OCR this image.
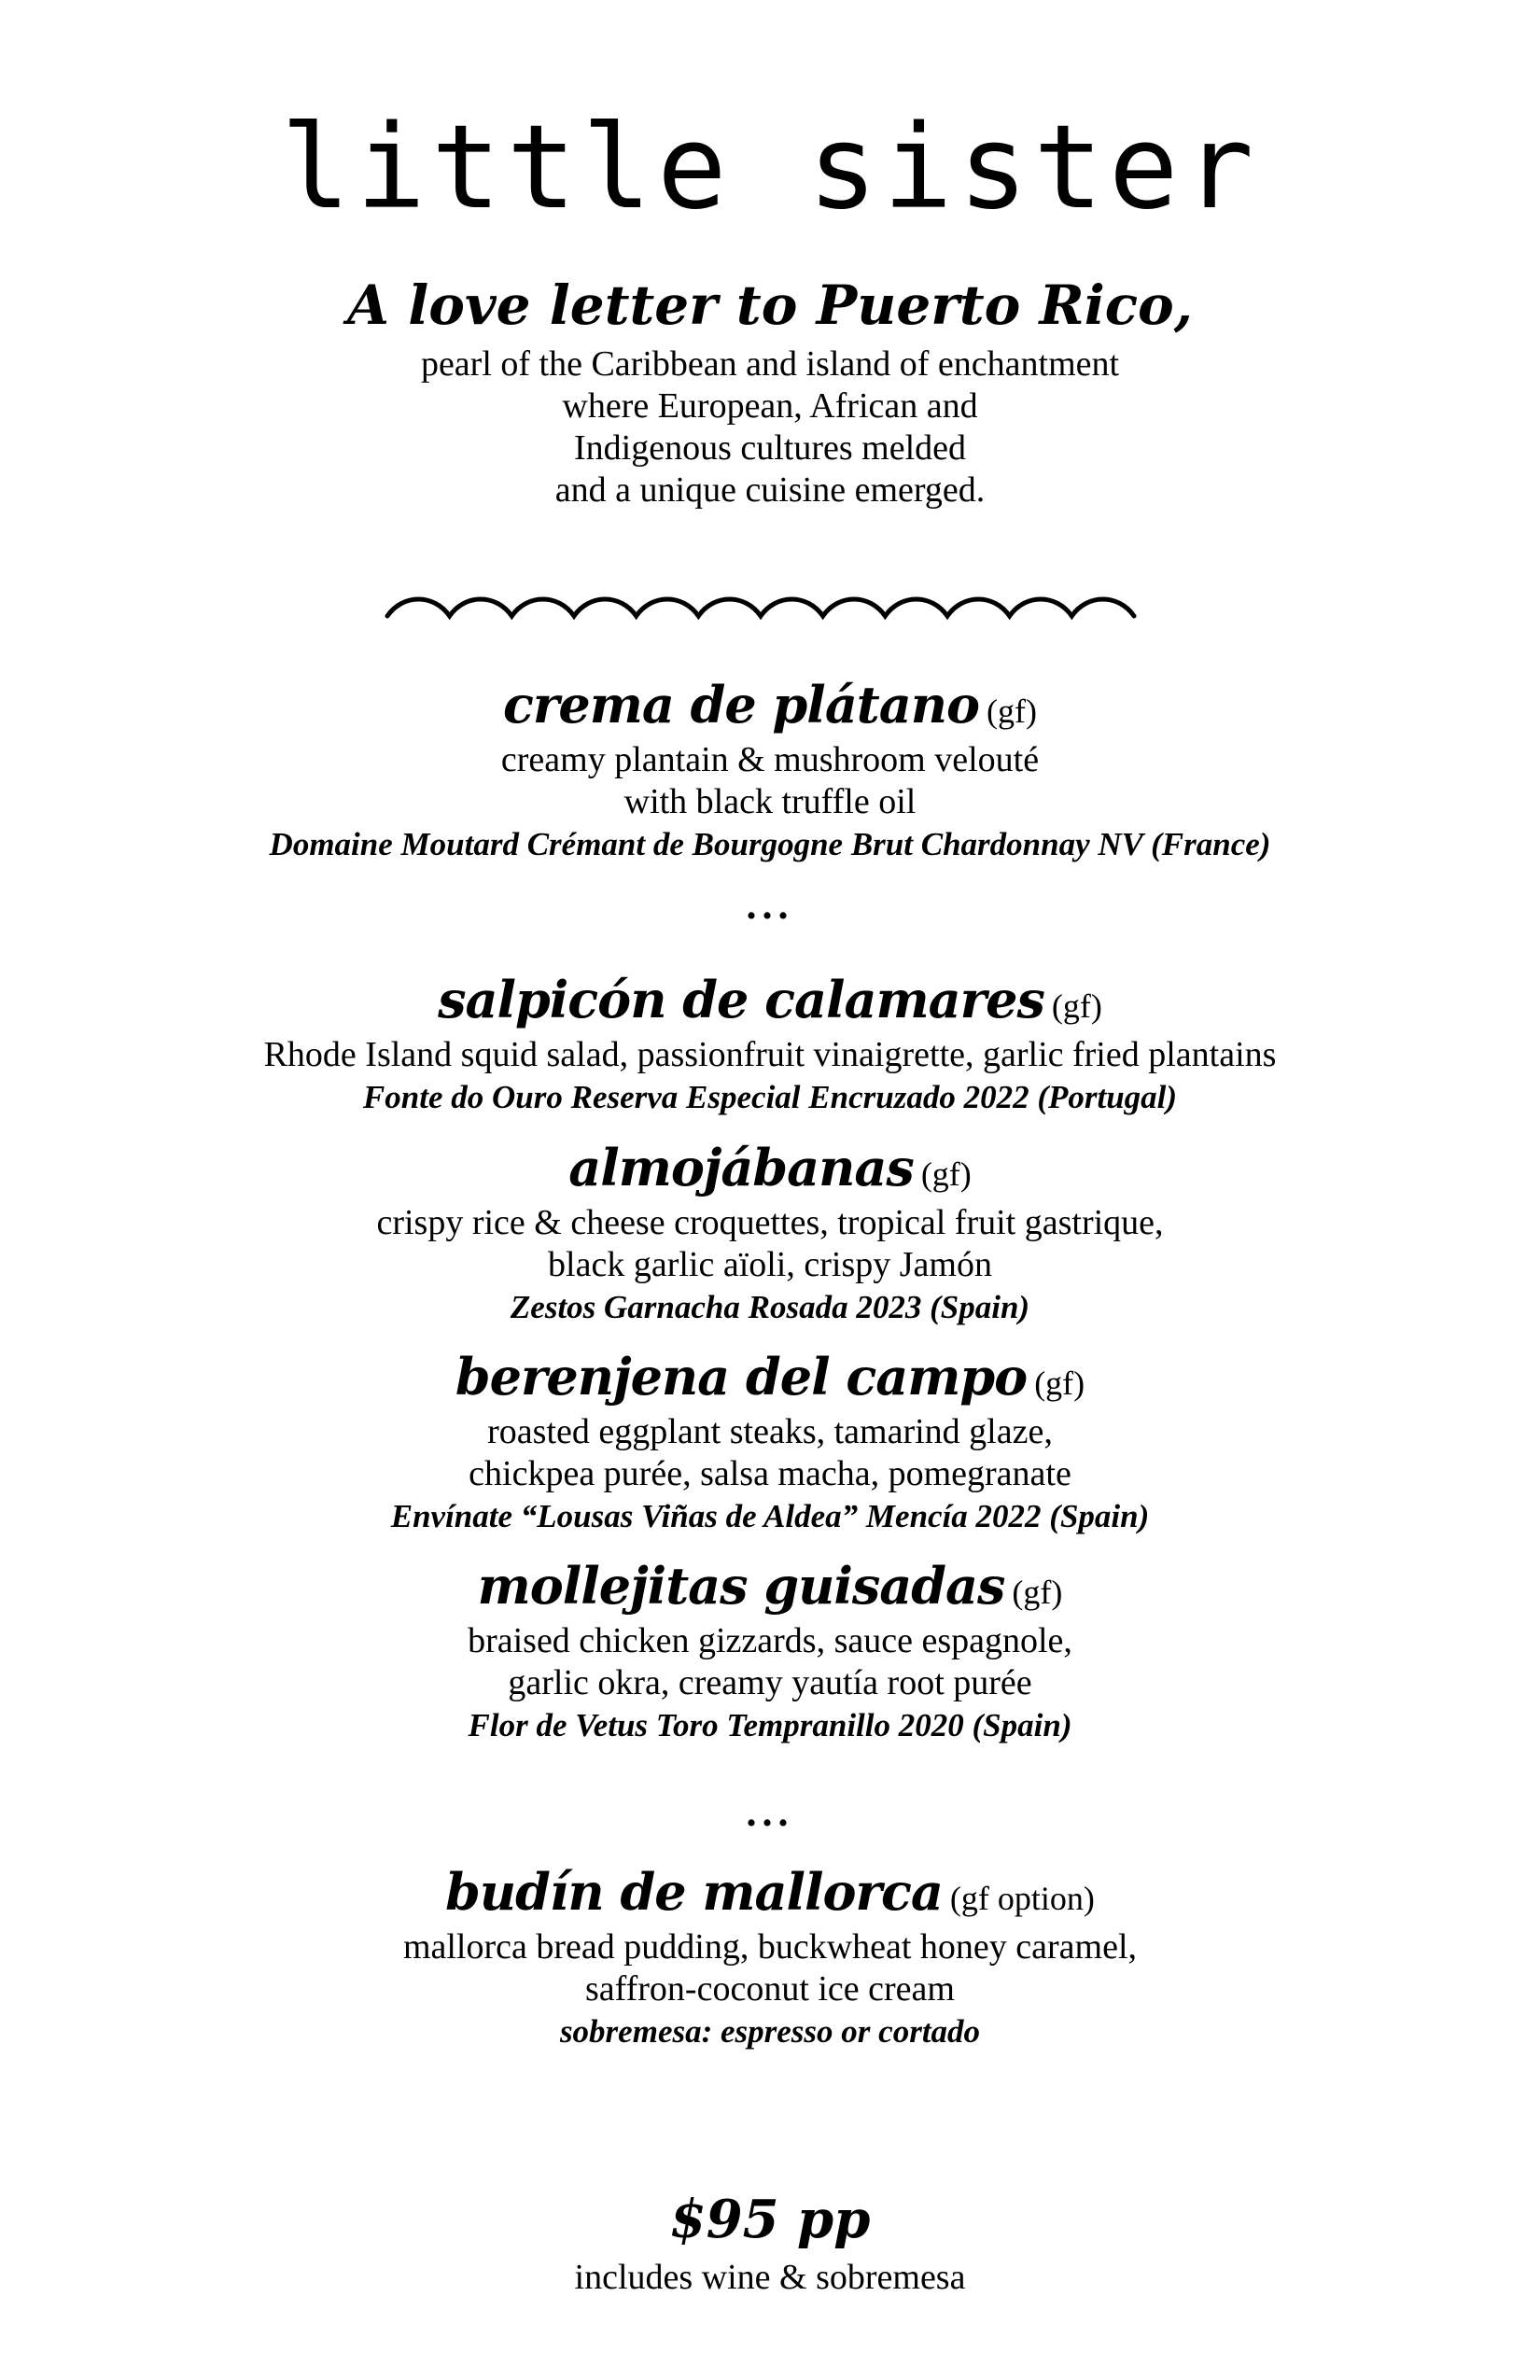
little sister
A love letter to Puerto Rico,
pearl of the Caribbean and island of enchantment
where European, African and
Indigenous cultures melded
and a unique cuisine emerged.
crema de plátano (gf)
creamy plantain & mushroom velouté
with black truffle oil
Domaine Moutard Crémant de Bourgogne Brut Chardonnay NV (France)
...
salpicón de calamares (gf)
Rhode Island squid salad, passionfruit vinaigrette, garlic fried plantains
Fonte do Ouro Reserva Especial Encruzado 2022 (Portugal)
almojábanas (gf)
crispy rice & cheese croquettes, tropical fruit gastrique,
black garlic aïoli, crispy Jamón
Zestos Garnacha Rosada 2023 (Spain)
berenjena del campo (gf)
roasted eggplant steaks, tamarind glaze,
chickpea purée, salsa macha, pomegranate
Envínate “Lousas Viñas de Aldea” Mencía 2022 (Spain)
mollejitas guisadas (gf)
braised chicken gizzards, sauce espagnole,
garlic okra, creamy yautía root purée
Flor de Vetus Toro Tempranillo 2020 (Spain)
...
budín de mallorca (gf option)
mallorca bread pudding, buckwheat honey caramel,
saffron-coconut ice cream
sobremesa: espresso or cortado
$95 pp
includes wine & sobremesa
